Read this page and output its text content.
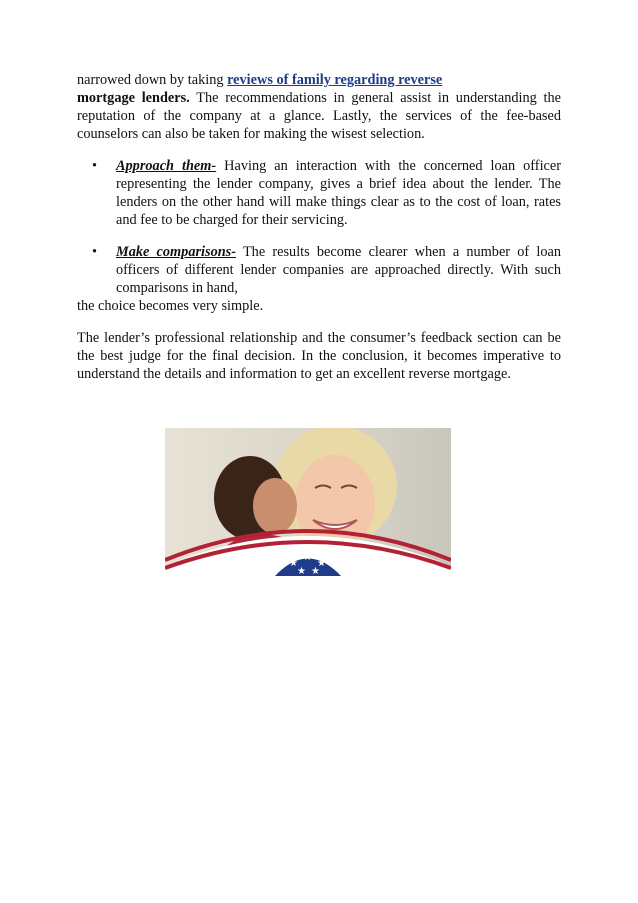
narrowed down by taking reviews of family regarding reverse
mortgage lenders. The recommendations in general assist in understanding the reputation of the company at a glance. Lastly, the services of the fee-based counselors can also be taken for making the wisest selection.

• Approach them- Having an interaction with the concerned loan officer representing the lender company, gives a brief idea about the lender. The lenders on the other hand will make things clear as to the cost of loan, rates and fee to be charged for their servicing.

• Make comparisons- The results become clearer when a number of loan officers of different lender companies are approached directly. With such comparisons in hand,

the choice becomes very simple.

The lender’s professional relationship and the consumer’s feedback section can be the best judge for the final decision. In the conclusion, it becomes imperative to understand the details and information to get an excellent reverse mortgage.

★
★
★
★ ★
